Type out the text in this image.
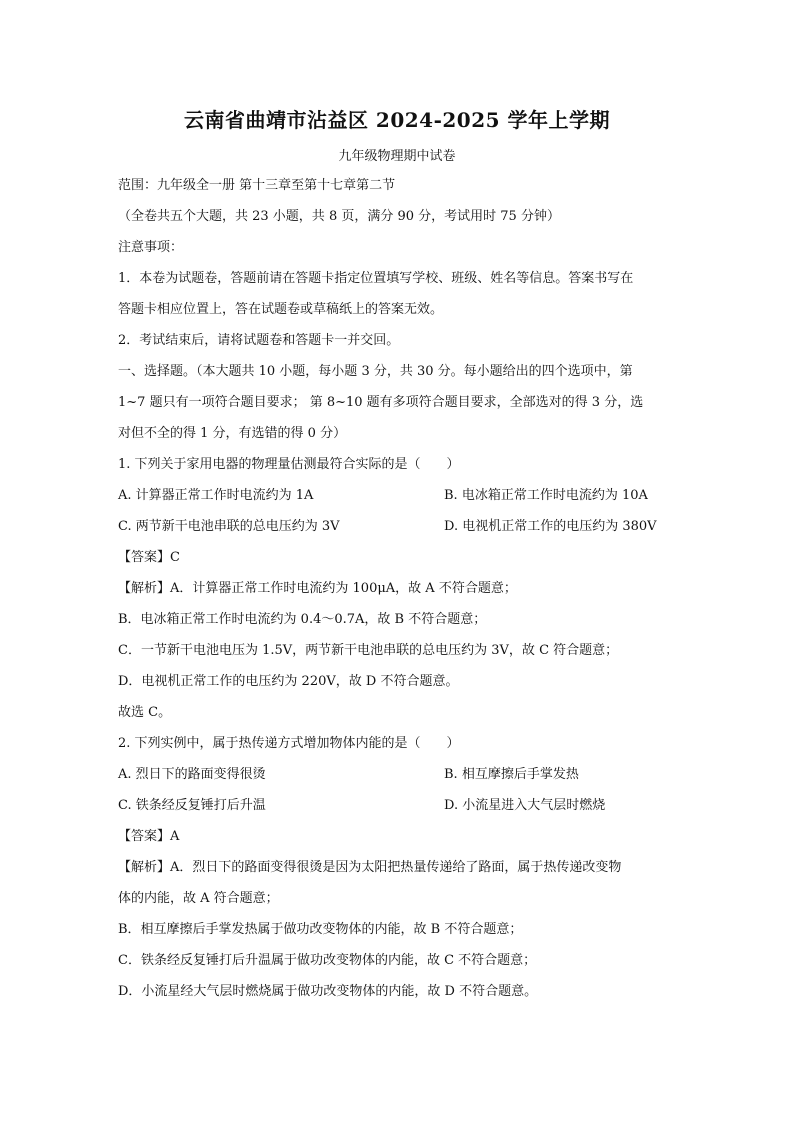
云南省曲靖市沾益区 2024-2025 学年上学期
九年级物理期中试卷
范围：九年级全一册 第十三章至第十七章第二节
（全卷共五个大题，共 23 小题，共 8 页，满分 90 分，考试用时 75 分钟）
注意事项：
1．本卷为试题卷，答题前请在答题卡指定位置填写学校、班级、姓名等信息。答案书写在
答题卡相应位置上，答在试题卷或草稿纸上的答案无效。
2．考试结束后，请将试题卷和答题卡一并交回。
一、选择题。（本大题共 10 小题，每小题 3 分，共 30 分。每小题给出的四个选项中，第
1~7 题只有一项符合题目要求； 第 8~10 题有多项符合题目要求，全部选对的得 3 分，选
对但不全的得 1 分，有选错的得 0 分）
1. 下列关于家用电器的物理量估测最符合实际的是（　　）
A. 计算器正常工作时电流约为 1A	B. 电冰箱正常工作时电流约为 10A
C. 两节新干电池串联的总电压约为 3V	D. 电视机正常工作的电压约为 380V
【答案】C
【解析】A．计算器正常工作时电流约为 100μA，故 A 不符合题意；
B．电冰箱正常工作时电流约为 0.4～0.7A，故 B 不符合题意；
C．一节新干电池电压为 1.5V，两节新干电池串联的总电压约为 3V，故 C 符合题意；
D．电视机正常工作的电压约为 220V，故 D 不符合题意。
故选 C。
2. 下列实例中，属于热传递方式增加物体内能的是（　　）
A. 烈日下的路面变得很烫	B. 相互摩擦后手掌发热
C. 铁条经反复锤打后升温	D. 小流星进入大气层时燃烧
【答案】A
【解析】A．烈日下的路面变得很烫是因为太阳把热量传递给了路面，属于热传递改变物
体的内能，故 A 符合题意；
B．相互摩擦后手掌发热属于做功改变物体的内能，故 B 不符合题意；
C．铁条经反复锤打后升温属于做功改变物体的内能，故 C 不符合题意；
D．小流星经大气层时燃烧属于做功改变物体的内能，故 D 不符合题意。
